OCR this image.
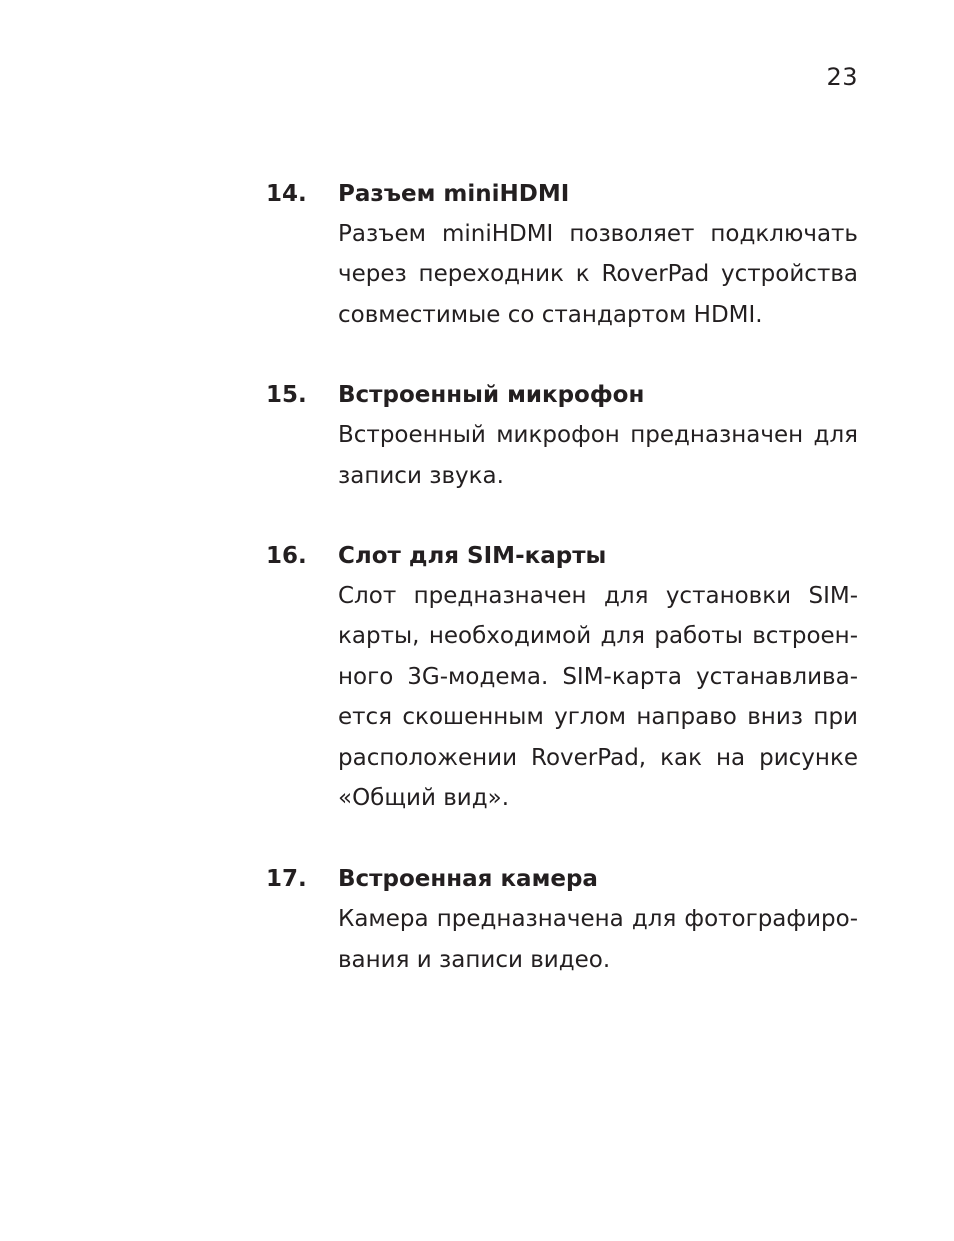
23
14. Разъем miniHDMI

Разъем miniHDMI позволяет подключать
через переходник к RoverPad устройства
совместимые со стандартом HDMI.

15. Встроенный микрофон

Встроенный микрофон предназначен для
записи звука.

16. Слот для SIM-карты

Слот предназначен для установки SIM-
карты, необходимой для работы встроен-
ного 3G-модема. SIM-карта устанавлива-
ется скошенным углом направо вниз при
расположении RoverPad, как на рисунке
«Общий вид».

17. Встроенная камера

Камера предназначена для фотографиро-
вания и записи видео.
